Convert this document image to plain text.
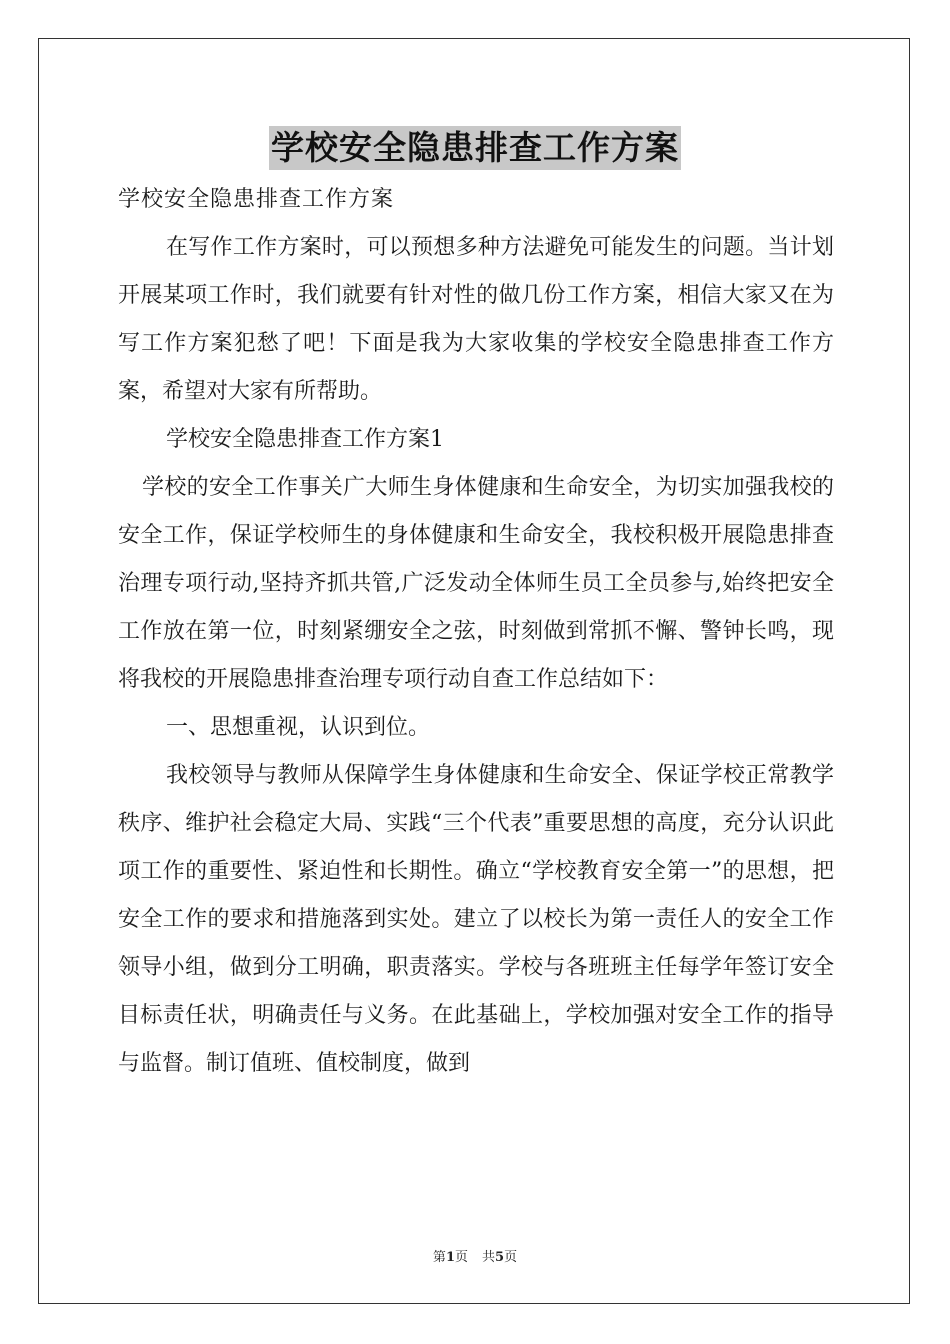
学校安全隐患排查工作方案

学校安全隐患排查工作方案

在写作工作方案时，可以预想多种方法避免可能发生的问题。当计划开展某项工作时，我们就要有针对性的做几份工作方案，相信大家又在为写工作方案犯愁了吧！下面是我为大家收集的学校安全隐患排查工作方案，希望对大家有所帮助。

学校安全隐患排查工作方案1

学校的安全工作事关广大师生身体健康和生命安全，为切实加强我校的安全工作，保证学校师生的身体健康和生命安全，我校积极开展隐患排查治理专项行动,坚持齐抓共管,广泛发动全体师生员工全员参与,始终把安全工作放在第一位，时刻紧绷安全之弦，时刻做到常抓不懈、警钟长鸣，现将我校的开展隐患排查治理专项行动自查工作总结如下：

一、思想重视，认识到位。

我校领导与教师从保障学生身体健康和生命安全、保证学校正常教学秩序、维护社会稳定大局、实践“三个代表”重要思想的高度，充分认识此项工作的重要性、紧迫性和长期性。确立“学校教育安全第一”的思想，把安全工作的要求和措施落到实处。建立了以校长为第一责任人的安全工作领导小组，做到分工明确，职责落实。学校与各班班主任每学年签订安全目标责任状，明确责任与义务。在此基础上，学校加强对安全工作的指导与监督。制订值班、值校制度，做到

第1页 共5页
